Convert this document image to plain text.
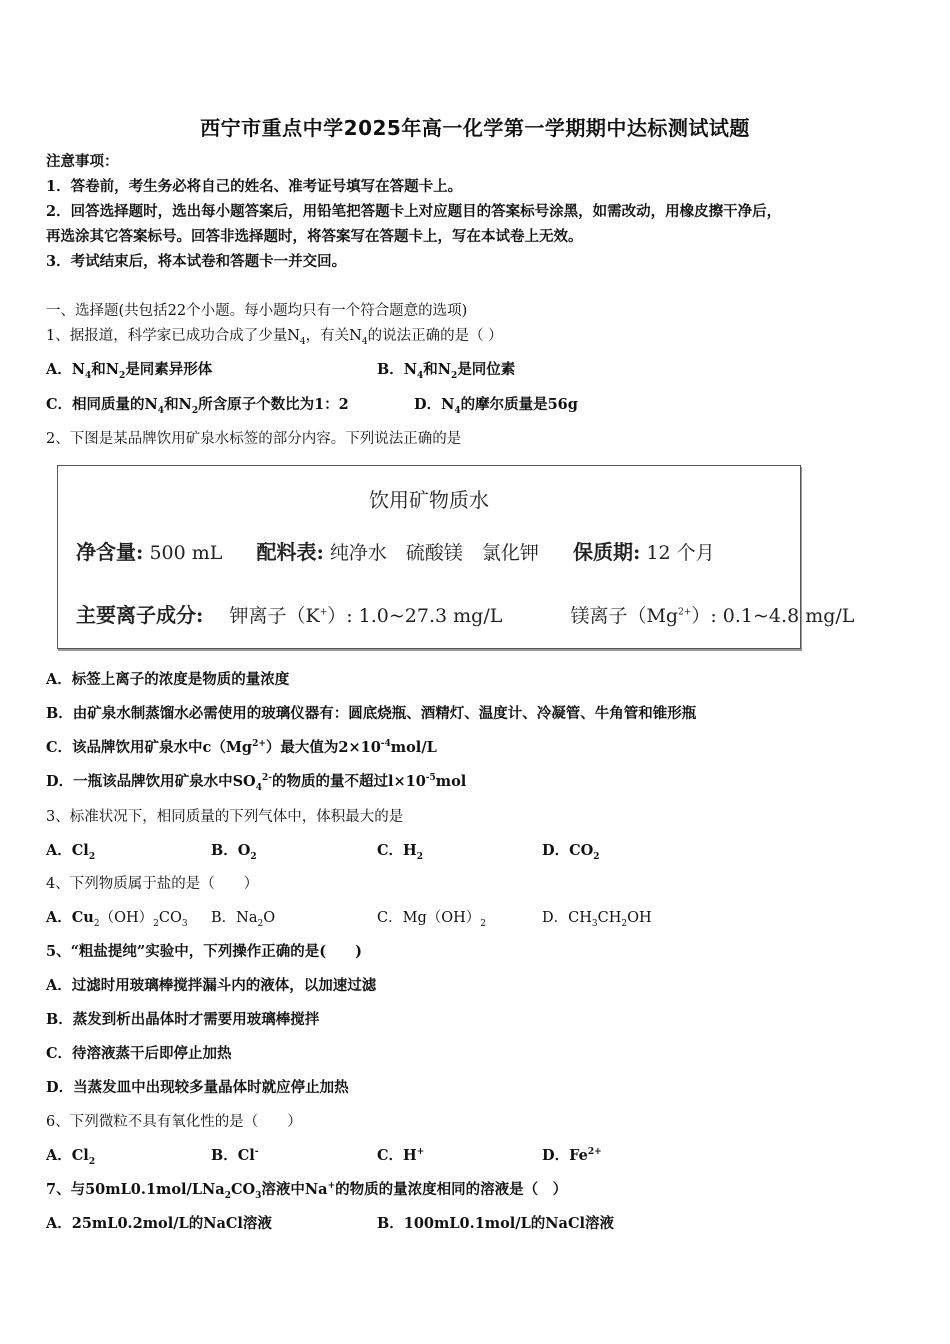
西宁市重点中学2025年高一化学第一学期期中达标测试试题
注意事项：
1．答卷前，考生务必将自己的姓名、准考证号填写在答题卡上。
2．回答选择题时，选出每小题答案后，用铅笔把答题卡上对应题目的答案标号涂黑，如需改动，用橡皮擦干净后，
再选涂其它答案标号。回答非选择题时，将答案写在答题卡上，写在本试卷上无效。
3．考试结束后，将本试卷和答题卡一并交回。
一、选择题(共包括22个小题。每小题均只有一个符合题意的选项)
1、据报道，科学家已成功合成了少量$N_4$，有关$N_4$的说法正确的是（ ）
A．$N_4$和$N_2$是同素异形体	B．$N_4$和$N_2$是同位素
C．相同质量的$N_4$和$N_2$所含原子个数比为1：2	D．$N_4$的摩尔质量是56g
2、下图是某品牌饮用矿泉水标签的部分内容。下列说法正确的是
饮用矿物质水
净含量: 500 mL 配料表: 纯净水　硫酸镁　氯化钾 保质期: 12 个月
主要离子成分: 钾离子（K+）: 1.0~27.3 mg/L	镁离子$(Mg^{2+})$: 0.1~4.8 mg/L
A．标签上离子的浓度是物质的量浓度
B．由矿泉水制蒸馏水必需使用的玻璃仪器有：圆底烧瓶、酒精灯、温度计、冷凝管、牛角管和锥形瓶
C．该品牌饮用矿泉水中$c(Mg^{2+})$最大值为$2\times 10^{-4}mol/L$
D．一瓶该品牌饮用矿泉水中$SO_4^{2-}$的物质的量不超过$l\times 10^{-5}mol$
3、标准状况下，相同质量的下列气体中，体积最大的是
A．$Cl_2$	B．$O_2$	C．$H_2$	D．$CO_2$
4、下列物质属于盐的是（　　）
A．$Cu_2(OH)_2CO_3$ B．$Na_2O$	C．$Mg(OH)_2$	D．$CH_3CH_2OH$
5、“粗盐提纯”实验中，下列操作正确的是(　　)
A．过滤时用玻璃棒搅拌漏斗内的液体，以加速过滤
B．蒸发到析出晶体时才需要用玻璃棒搅拌
C．待溶液蒸干后即停止加热
D．当蒸发皿中出现较多量晶体时就应停止加热
6、下列微粒不具有氧化性的是（　　）
A．$Cl_2$	B．Cl-	C．H+	D．$Fe^{2+}$
7、与$50mL0.1mol/LNa_2CO_3$溶液中Na+的物质的量浓度相同的溶液是（　）
A．25mL0.2mol/L的NaCl溶液	B．100mL0.1mol/L的NaCl溶液
